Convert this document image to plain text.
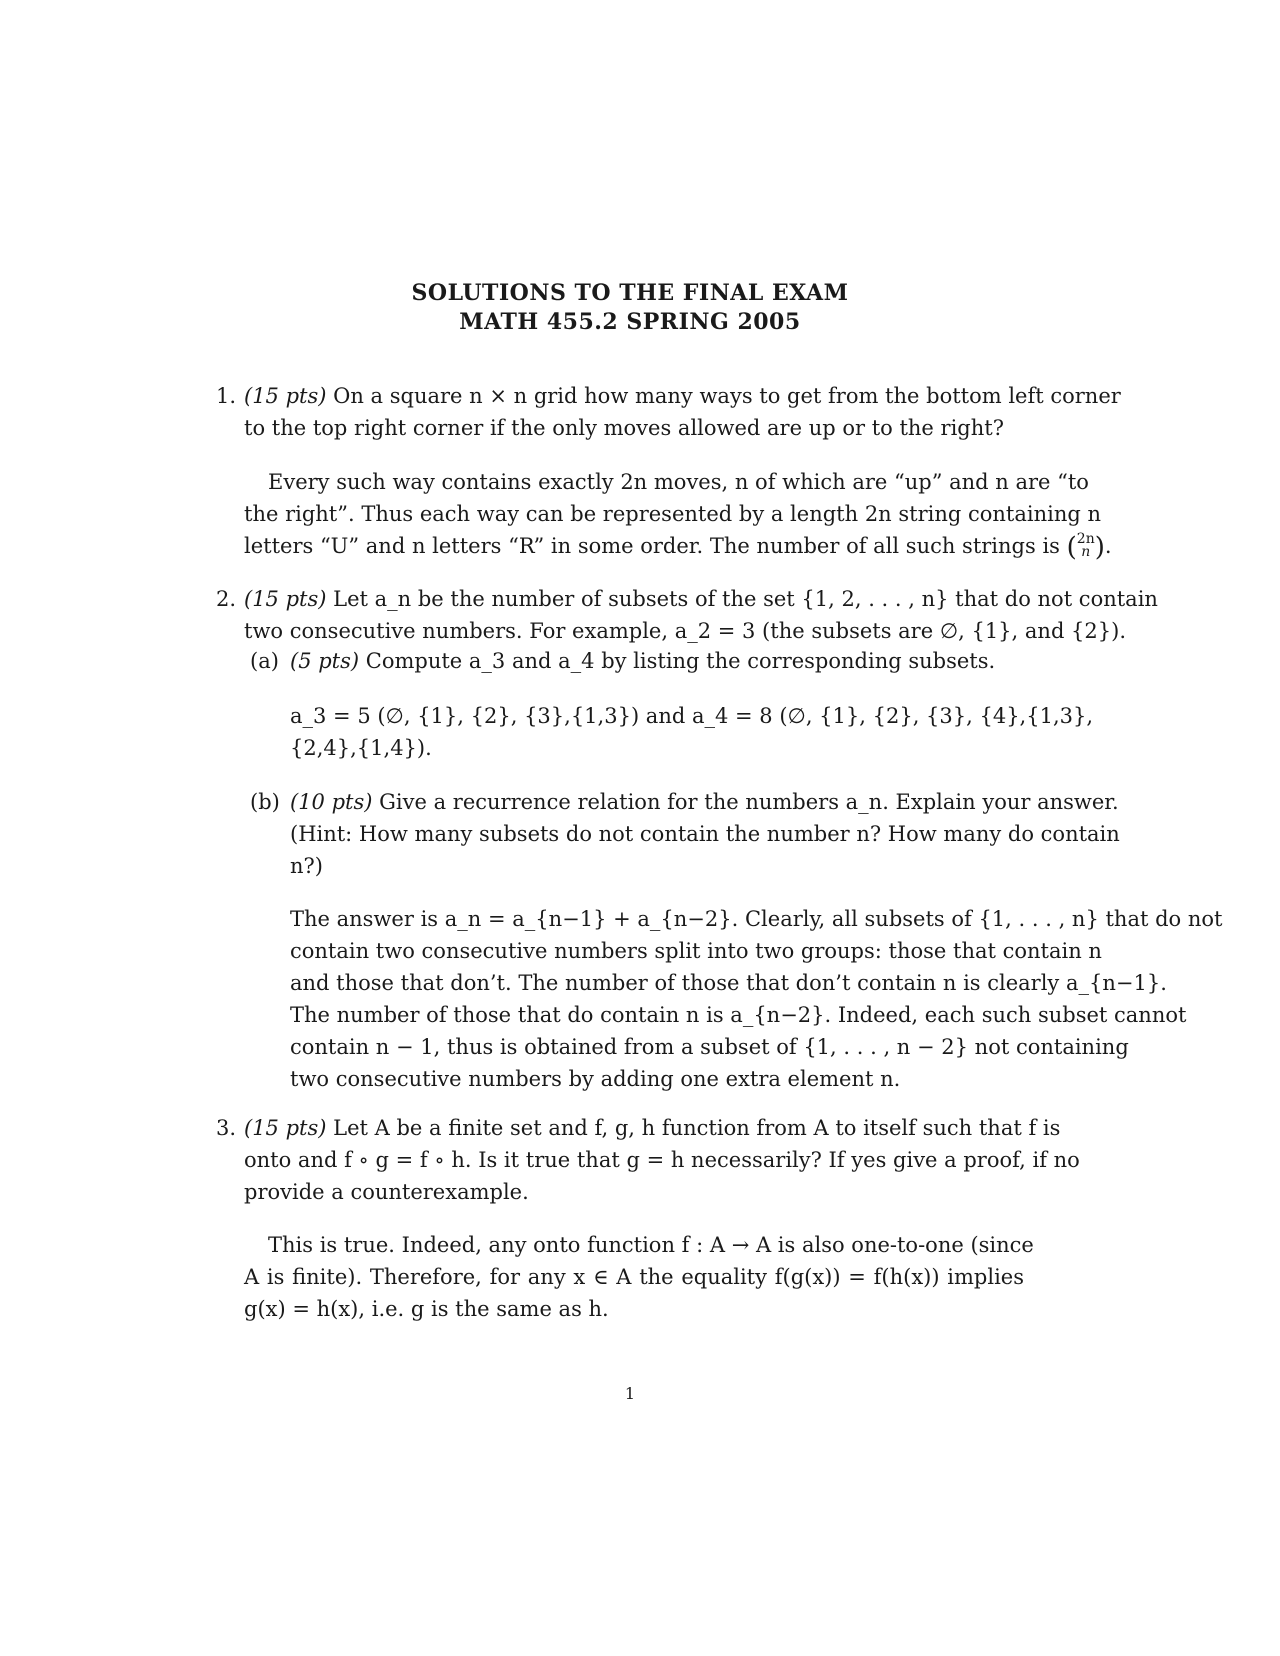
SOLUTIONS TO THE FINAL EXAM
MATH 455.2 SPRING 2005
1. (15 pts) On a square n × n grid how many ways to get from the bottom left corner
to the top right corner if the only moves allowed are up or to the right?
Every such way contains exactly 2n moves, n of which are “up” and n are “to
the right”. Thus each way can be represented by a length 2n string containing n
letters “U” and n letters “R” in some order. The number of all such strings is ( 2n
n ).
2. (15 pts) Let a_n be the number of subsets of the set {1, 2, . . . , n} that do not contain
two consecutive numbers. For example, a_2 = 3 (the subsets are ∅, {1}, and {2}).
(a) (5 pts) Compute a_3 and a_4 by listing the corresponding subsets.
a_3 = 5 (∅, {1}, {2}, {3},{1,3}) and a_4 = 8 (∅, {1}, {2}, {3}, {4},{1,3},
{2,4},{1,4}).
(b) (10 pts) Give a recurrence relation for the numbers a_n. Explain your answer.
(Hint: How many subsets do not contain the number n? How many do contain
n?)
The answer is a_n = a_{n−1} + a_{n−2}. Clearly, all subsets of {1, . . . , n} that do not
contain two consecutive numbers split into two groups: those that contain n
and those that don’t. The number of those that don’t contain n is clearly a_{n−1}.
The number of those that do contain n is a_{n−2}. Indeed, each such subset cannot
contain n − 1, thus is obtained from a subset of {1, . . . , n − 2} not containing
two consecutive numbers by adding one extra element n.
3. (15 pts) Let A be a finite set and f, g, h function from A to itself such that f is
onto and f ∘ g = f ∘ h. Is it true that g = h necessarily? If yes give a proof, if no
provide a counterexample.
This is true. Indeed, any onto function f : A → A is also one-to-one (since
A is finite). Therefore, for any x ∈ A the equality f(g(x)) = f(h(x)) implies
g(x) = h(x), i.e. g is the same as h.
1
